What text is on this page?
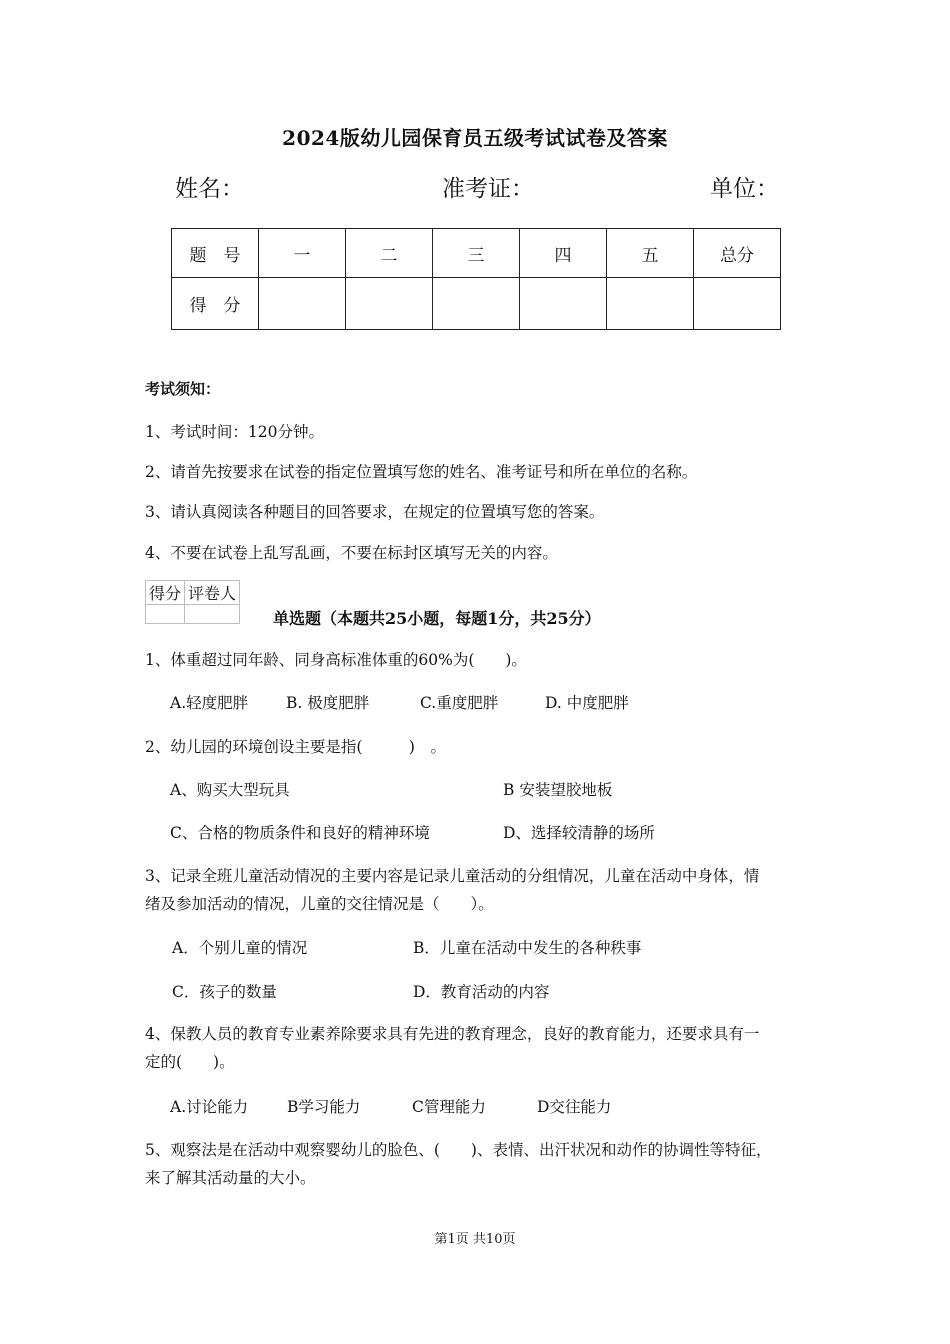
2024版幼儿园保育员五级考试试卷及答案
姓名：	准考证：	单位：
题　号	一	二	三	四	五	总分
得　分						
考试须知：
1、考试时间：120分钟。
2、请首先按要求在试卷的指定位置填写您的姓名、准考证号和所在单位的名称。
3、请认真阅读各种题目的回答要求，在规定的位置填写您的答案。
4、不要在试卷上乱写乱画，不要在标封区填写无关的内容。
得分	评卷人

单选题（本题共25小题，每题1分，共25分）
1、体重超过同年龄、同身高标准体重的60%为(　　)。
A.轻度肥胖 B. 极度肥胖	C.重度肥胖	D. 中度肥胖
2、幼儿园的环境创设主要是指(　　　)　。
A、购买大型玩具	B 安装望胶地板
C、合格的物质条件和良好的精神环境	D、选择较清静的场所
3、记录全班儿童活动情况的主要内容是记录儿童活动的分组情况，儿童在活动中身体，情
绪及参加活动的情况，儿童的交往情况是（　　）。
A．个别儿童的情况	B．儿童在活动中发生的各种秩事
C．孩子的数量	D．教育活动的内容
4、保教人员的教育专业素养除要求具有先进的教育理念，良好的教育能力，还要求具有一
定的(　　)。
A.讨论能力	B学习能力	C管理能力	D交往能力
5、观察法是在活动中观察婴幼儿的脸色、(　　)、表情、出汗状况和动作的协调性等特征，
来了解其活动量的大小。
第1页 共10页
